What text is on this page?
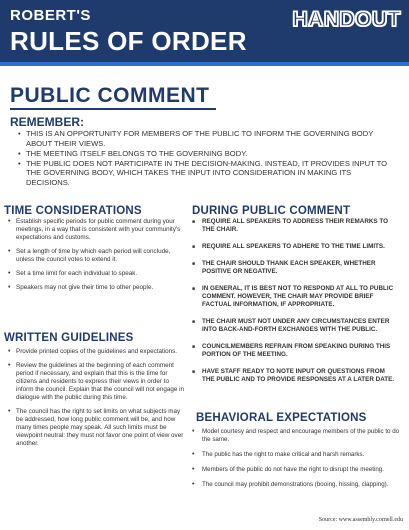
ROBERT'S
RULES OF ORDER
HANDOUT
PUBLIC COMMENT
REMEMBER:
• THIS IS AN OPPORTUNITY FOR MEMBERS OF THE PUBLIC TO INFORM THE GOVERNING BODY ABOUT THEIR VIEWS.
• THE MEETING ITSELF BELONGS TO THE GOVERNING BODY.
• THE PUBLIC DOES NOT PARTICIPATE IN THE DECISION-MAKING. INSTEAD, IT PROVIDES INPUT TO THE GOVERNING BODY, WHICH TAKES THE INPUT INTO CONSIDERATION IN MAKING ITS DECISIONS.
TIME CONSIDERATIONS
• Establish specific periods for public comment during your meetings, in a way that is consistent with your community's expectations and customs.
• Set a length of time by which each period will conclude, unless the council votes to extend it.
• Set a time limit for each individual to speak.
• Speakers may not give their time to other people.
WRITTEN GUIDELINES
• Provide printed copies of the guidelines and expectations.
• Review the guidelines at the beginning of each comment period if necessary, and explain that this is the time for citizens and residents to express their views in order to inform the council. Explain that the council will not engage in dialogue with the public during this time.
• The council has the right to set limits on what subjects may be addressed, how long public comment will be, and how many times people may speak. All such limits must be viewpoint neutral: they must not favor one point of view over another.
DURING PUBLIC COMMENT
■ REQUIRE ALL SPEAKERS TO ADDRESS THEIR REMARKS TO THE CHAIR.
■ REQUIRE ALL SPEAKERS TO ADHERE TO THE TIME LIMITS.
■ THE CHAIR SHOULD THANK EACH SPEAKER, WHETHER POSITIVE OR NEGATIVE.
■ IN GENERAL, IT IS BEST NOT TO RESPOND AT ALL TO PUBLIC COMMENT. HOWEVER, THE CHAIR MAY PROVIDE BRIEF FACTUAL INFORMATION, IF APPROPRIATE.
■ THE CHAIR MUST NOT UNDER ANY CIRCUMSTANCES ENTER INTO BACK-AND-FORTH EXCHANGES WITH THE PUBLIC.
■ COUNCILMEMBERS REFRAIN FROM SPEAKING DURING THIS PORTION OF THE MEETING.
■ HAVE STAFF READY TO NOTE INPUT OR QUESTIONS FROM THE PUBLIC AND TO PROVIDE RESPONSES AT A LATER DATE.
BEHAVIORAL EXPECTATIONS
• Model courtesy and respect and encourage members of the public to do the same.
• The public has the right to make critical and harsh remarks.
• Members of the public do not have the right to disrupt the meeting.
• The council may prohibit demonstrations (booing, hissing, clapping).
Source: www.assembly.cornell.edu
